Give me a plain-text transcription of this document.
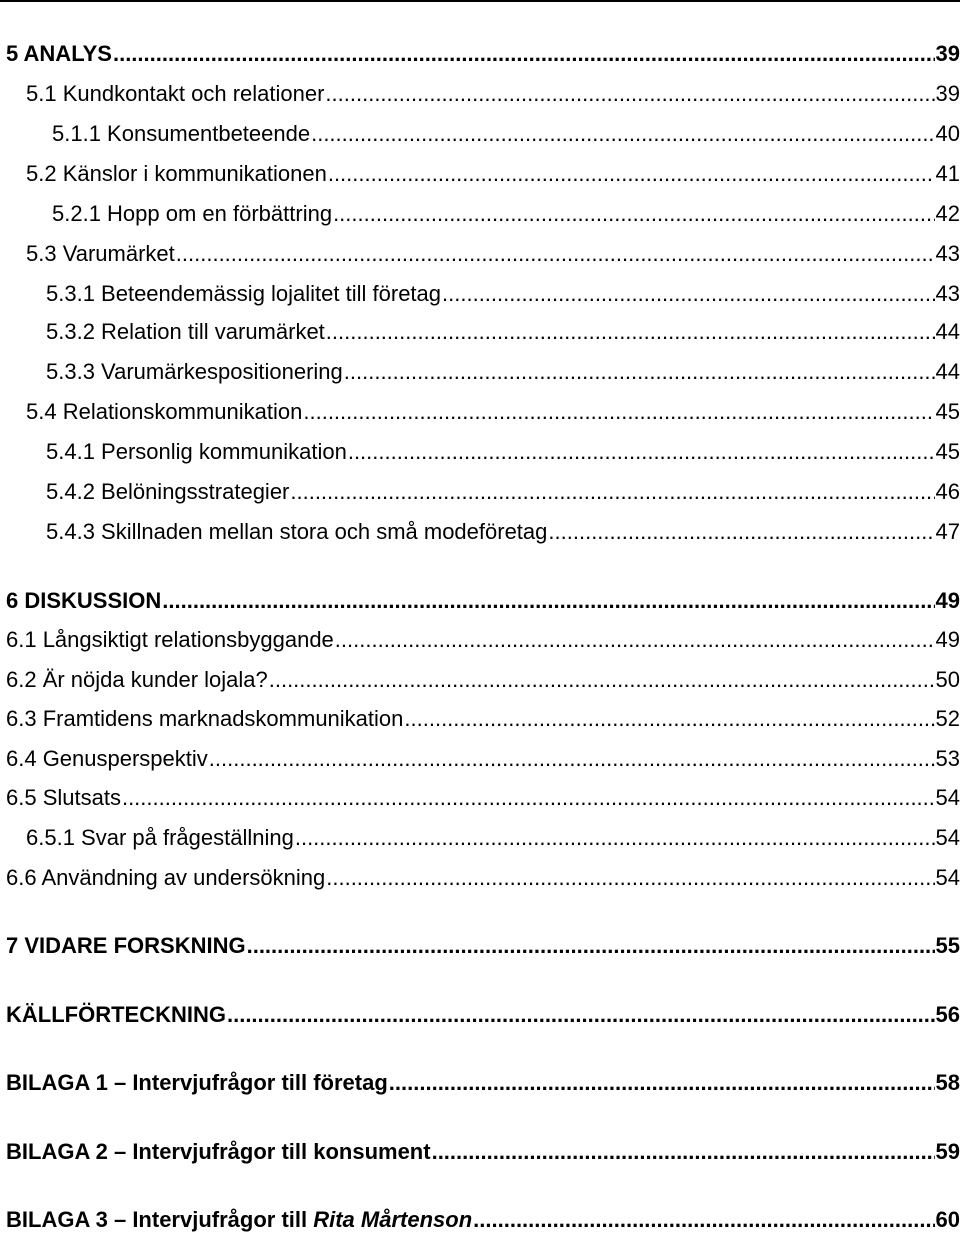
5 ANALYS .....	39
5.1 Kundkontakt och relationer .....	39
5.1.1 Konsumentbeteende .....	40
5.2 Känslor i kommunikationen .....	41
5.2.1 Hopp om en förbättring .....	42
5.3 Varumärket .....	43
5.3.1 Beteendemässig lojalitet till företag .....	43
5.3.2 Relation till varumärket .....	44
5.3.3 Varumärkespositionering .....	44
5.4 Relationskommunikation .....	45
5.4.1 Personlig kommunikation .....	45
5.4.2 Belöningsstrategier .....	46
5.4.3 Skillnaden mellan stora och små modeföretag .....	47
6 DISKUSSION .....	49
6.1 Långsiktigt relationsbyggande .....	49
6.2 Är nöjda kunder lojala? .....	50
6.3 Framtidens marknadskommunikation .....	52
6.4 Genusperspektiv .....	53
6.5 Slutsats .....	54
6.5.1 Svar på frågeställning .....	54
6.6 Användning av undersökning .....	54
7 VIDARE FORSKNING .....	55
KÄLLFÖRTECKNING .....	56
BILAGA 1 – Intervjufrågor till företag .....	58
BILAGA 2 – Intervjufrågor till konsument .....	59
BILAGA 3 – Intervjufrågor till Rita Mårtenson .....	60
